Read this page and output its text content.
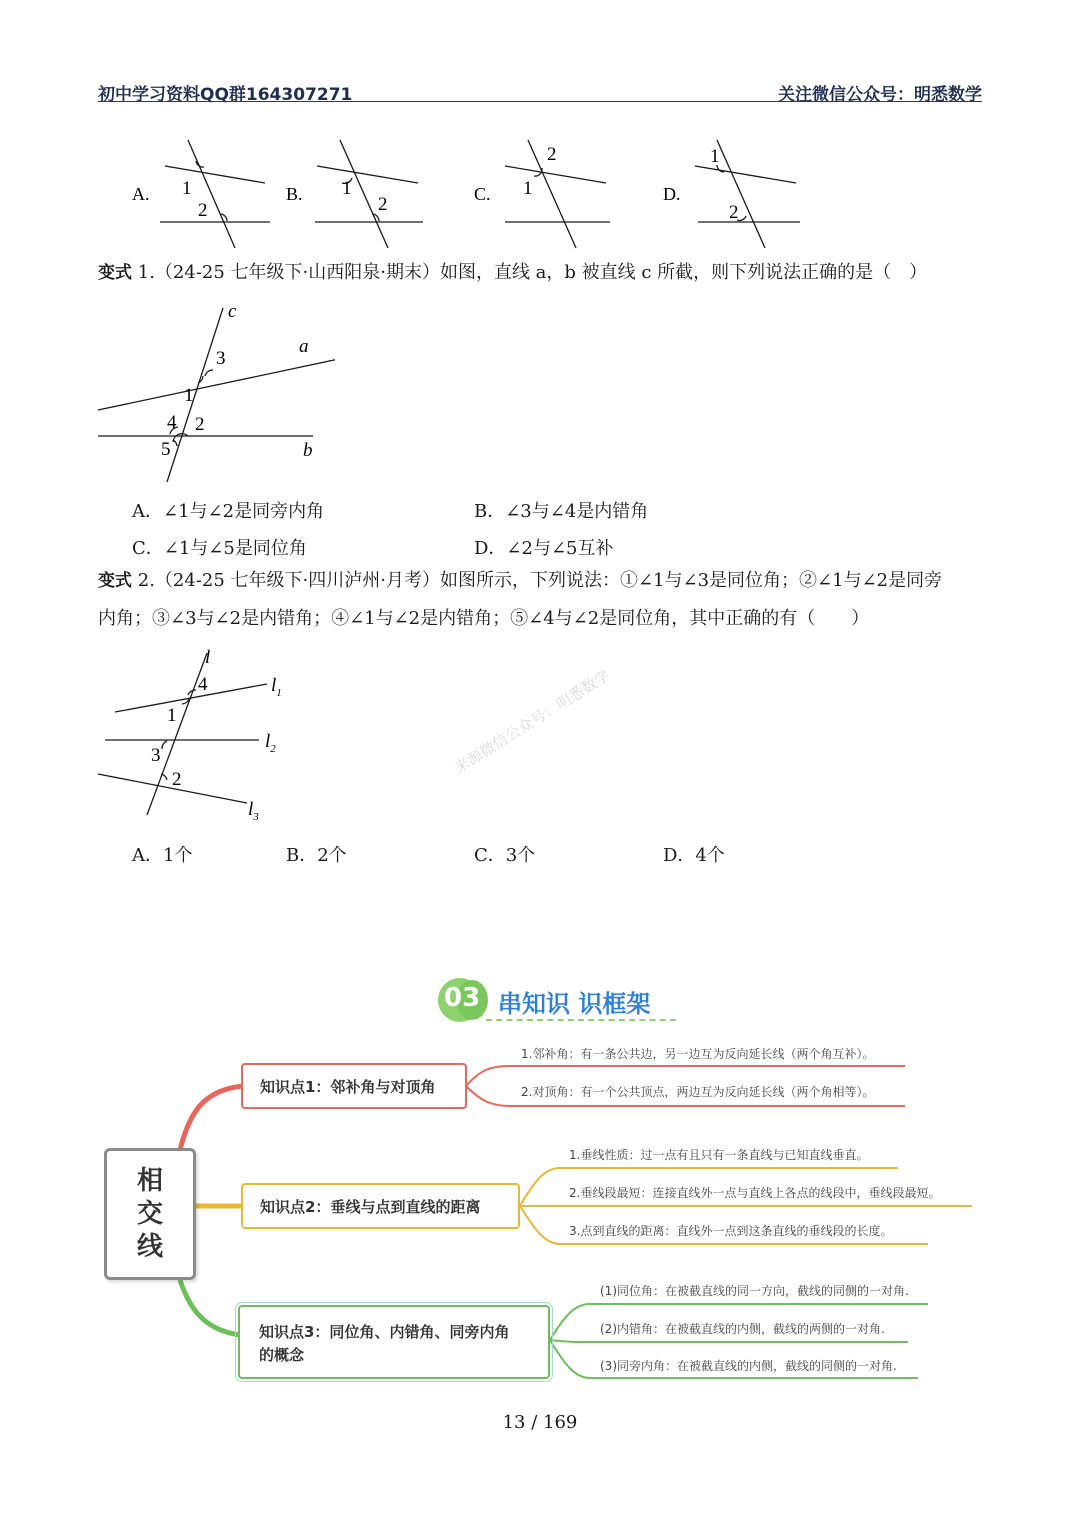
初中学习资料QQ群164307271	关注微信公众号：明悉数学
A.	B.	C.	D.
1
2
1
2
1
2	1
2
变式 1.（24-25 七年级下·山西阳泉·期末）如图，直线 a，b 被直线 c 所截，则下列说法正确的是（　）
c
a
b
3
1
4 2
5
A．∠1与∠2是同旁内角	B．∠3与∠4是内错角
C．∠1与∠5是同位角	D．∠2与∠5互补
变式 2.（24-25 七年级下·四川泸州·月考）如图所示，下列说法：①∠1与∠3是同位角；②∠1与∠2是同旁
内角；③∠3与∠2是内错角；④∠1与∠2是内错角；⑤∠4与∠2是同位角，其中正确的有（　　）
l
$l_1$
$l_2$
$l_3$
4
1
3
2
来源微信公众号：明悉数学
A．1个	B．2个	C．3个	D．4个
03 串知识 识框架
相
交
线
知识点1：邻补角与对顶角
1.邻补角：有一条公共边，另一边互为反向延长线（两个角互补）。
2.对顶角：有一个公共顶点，两边互为反向延长线（两个角相等）。
知识点2：垂线与点到直线的距离
1.垂线性质：过一点有且只有一条直线与已知直线垂直。
2.垂线段最短：连接直线外一点与直线上各点的线段中，垂线段最短。
3.点到直线的距离：直线外一点到这条直线的垂线段的长度。
知识点3：同位角、内错角、同旁内角
的概念
(1)同位角：在被截直线的同一方向，截线的同侧的一对角.
(2)内错角：在被截直线的内侧，截线的两侧的一对角.
(3)同旁内角：在被截直线的内侧，截线的同侧的一对角.
13 / 169
